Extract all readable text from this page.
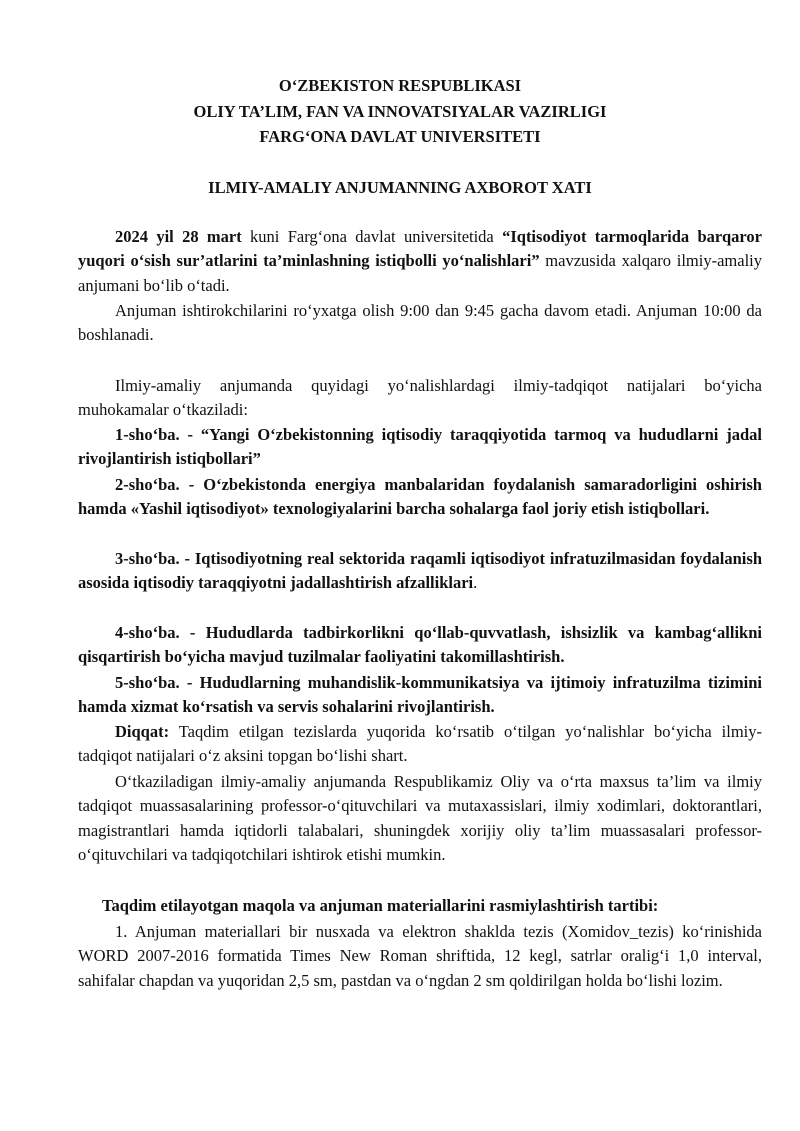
O‘ZBEKISTON RESPUBLIKASI
OLIY TA’LIM, FAN VA INNOVATSIYALAR VAZIRLIGI
FARG‘ONA DAVLAT UNIVERSITETI
ILMIY-AMALIY ANJUMANNING AXBOROT XATI

2024 yil 28 mart kuni Farg‘ona davlat universitetida “Iqtisodiyot tarmoqlarida barqaror yuqori o‘sish sur’atlarini ta’minlashning istiqbolli yo‘nalishlari” mavzusida xalqaro ilmiy-amaliy anjumani bo‘lib o‘tadi.

Anjuman ishtirokchilarini ro‘yxatga olish 9:00 dan 9:45 gacha davom etadi. Anjuman 10:00 da boshlanadi.

Ilmiy-amaliy anjumanda quyidagi yo‘nalishlardagi ilmiy-tadqiqot natijalari bo‘yicha muhokamalar o‘tkaziladi:

1-sho‘ba. - “Yangi O‘zbekistonning iqtisodiy taraqqiyotida tarmoq va hududlarni jadal rivojlantirish istiqbollari”

2-sho‘ba. - O‘zbekistonda energiya manbalaridan foydalanish samaradorligini oshirish hamda «Yashil iqtisodiyot» texnologiyalarini barcha sohalarga faol joriy etish istiqbollari.

3-sho‘ba. - Iqtisodiyotning real sektorida raqamli iqtisodiyot infratuzilmasidan foydalanish asosida iqtisodiy taraqqiyotni jadallashtirish afzalliklari.

4-sho‘ba. - Hududlarda tadbirkorlikni qo‘llab-quvvatlash, ishsizlik va kambag‘allikni qisqartirish bo‘yicha mavjud tuzilmalar faoliyatini takomillashtirish.

5-sho‘ba. - Hududlarning muhandislik-kommunikatsiya va ijtimoiy infratuzilma tizimini hamda xizmat ko‘rsatish va servis sohalarini rivojlantirish.

Diqqat: Taqdim etilgan tezislarda yuqorida ko‘rsatib o‘tilgan yo‘nalishlar bo‘yicha ilmiy-tadqiqot natijalari o‘z aksini topgan bo‘lishi shart.

O‘tkaziladigan ilmiy-amaliy anjumanda Respublikamiz Oliy va o‘rta maxsus ta’lim va ilmiy tadqiqot muassasalarining professor-o‘qituvchilari va mutaxassislari, ilmiy xodimlari, doktorantlari, magistrantlari hamda iqtidorli talabalari, shuningdek xorijiy oliy ta’lim muassasalari professor-o‘qituvchilari va tadqiqotchilari ishtirok etishi mumkin.

Taqdim etilayotgan maqola va anjuman materiallarini rasmiylashtirish tartibi:

1. Anjuman materiallari bir nusxada va elektron shaklda tezis (Xomidov_tezis) ko‘rinishida WORD 2007-2016 formatida Times New Roman shriftida, 12 kegl, satrlar oralig‘i 1,0 interval, sahifalar chapdan va yuqoridan 2,5 sm, pastdan va o‘ngdan 2 sm qoldirilgan holda bo‘lishi lozim.
